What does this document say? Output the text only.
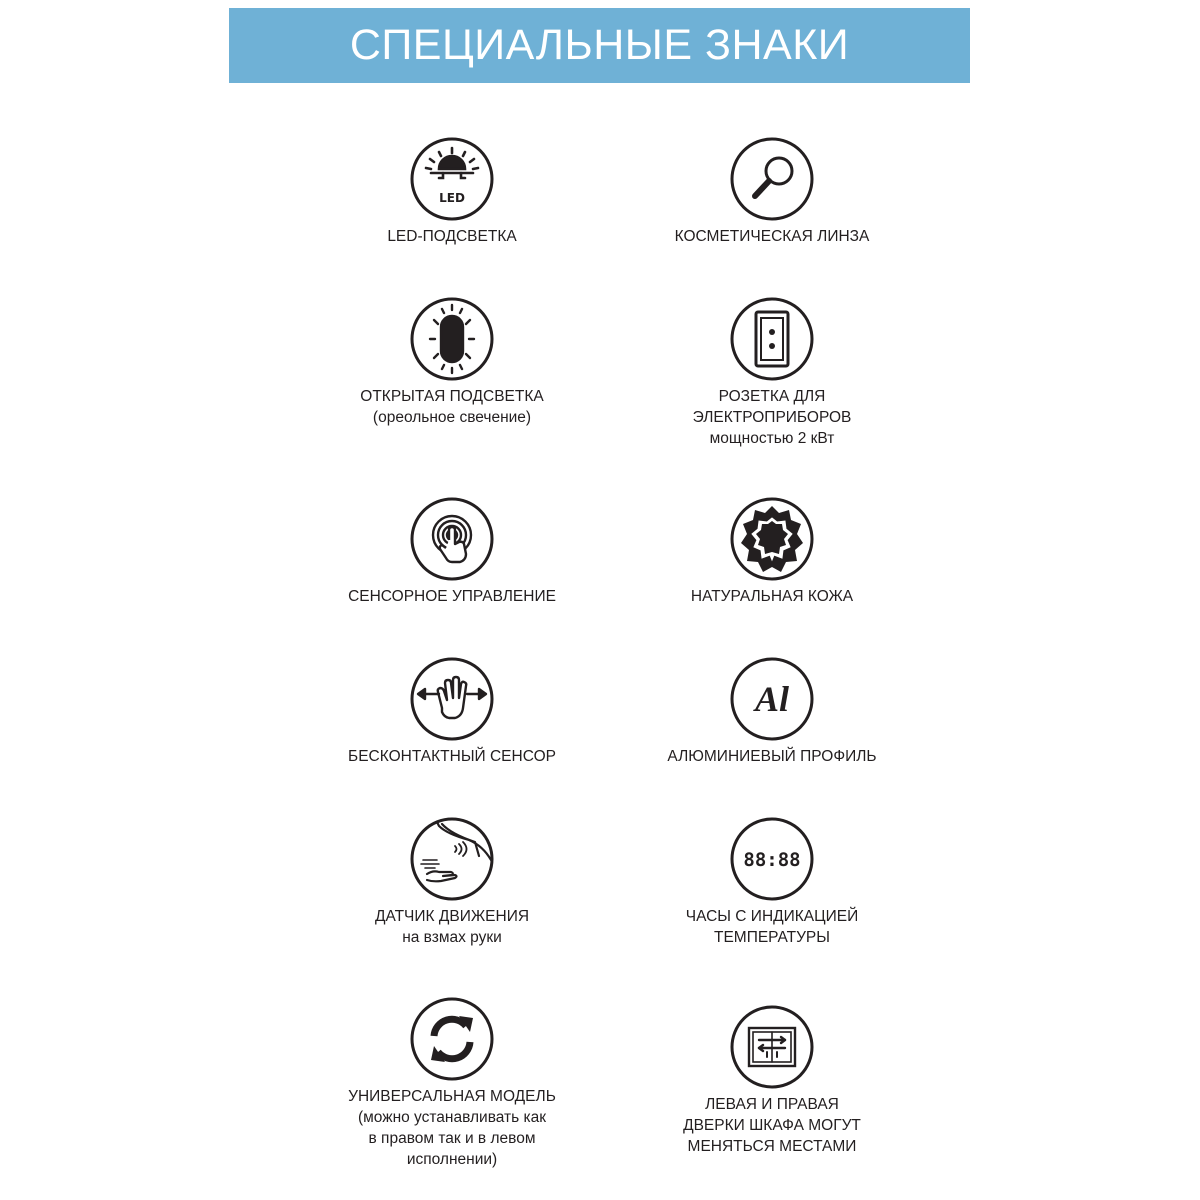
СПЕЦИАЛЬНЫЕ ЗНАКИ
LED
LED-ПОДСВЕТКА	КОСМЕТИЧЕСКАЯ ЛИНЗА
ОТКРЫТАЯ ПОДСВЕТКА
(ореольное свечение)
РОЗЕТКА ДЛЯ
ЭЛЕКТРОПРИБОРОВ
мощностью 2 кВт
СЕНСОРНОЕ УПРАВЛЕНИЕ	НАТУРАЛЬНАЯ КОЖА
БЕСКОНТАКТНЫЙ СЕНСОР
Al
АЛЮМИНИЕВЫЙ ПРОФИЛЬ
ДАТЧИК ДВИЖЕНИЯ
на взмах руки
88:88
ЧАСЫ С ИНДИКАЦИЕЙ
ТЕМПЕРАТУРЫ
УНИВЕРСАЛЬНАЯ МОДЕЛЬ
(можно устанавливать как
в правом так и в левом
исполнении)
ЛЕВАЯ И ПРАВАЯ
ДВЕРКИ ШКАФА МОГУТ
МЕНЯТЬСЯ МЕСТАМИ
